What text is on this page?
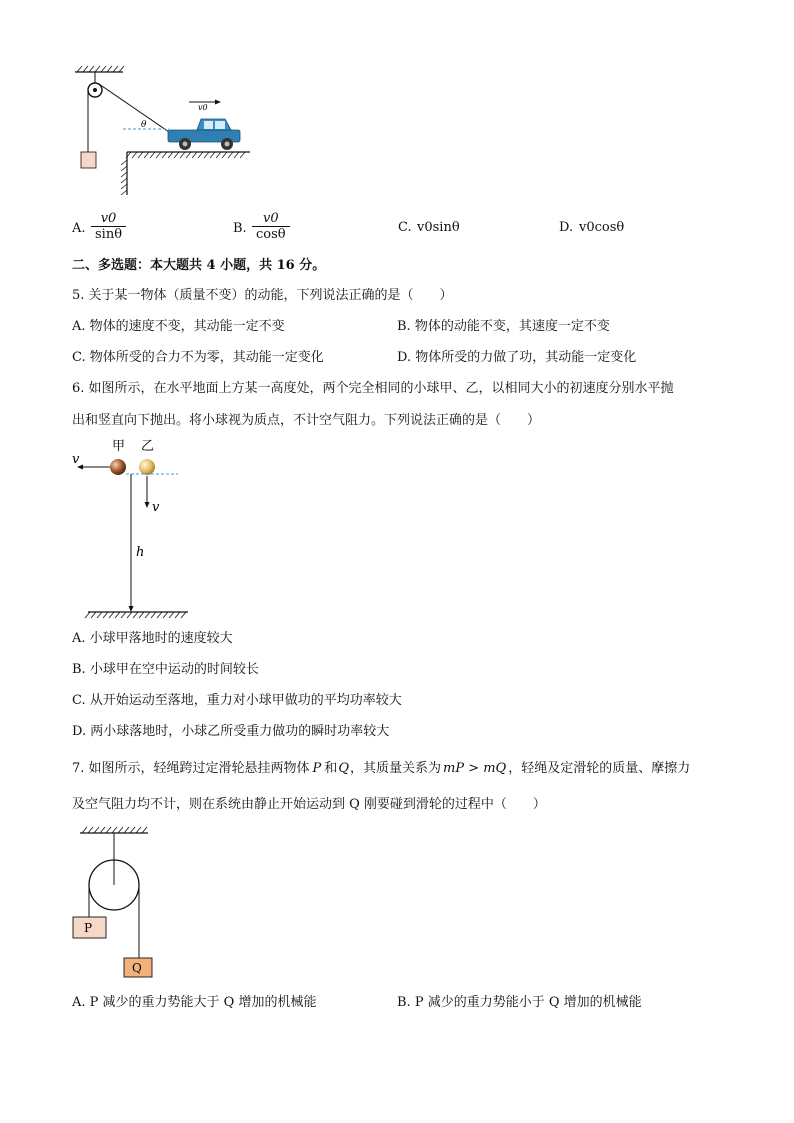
θ
v0
A. $\frac{v0}{\sin\theta}$	B. $\frac{v0}{\cos\theta}$	C. v0sinθ	D. v0cosθ
二、多选题：本大题共 4 小题，共 16 分。
5. 关于某一物体（质量不变）的动能，下列说法正确的是（　　）
A. 物体的速度不变，其动能一定不变	B. 物体的动能不变，其速度一定不变
C. 物体所受的合力不为零，其动能一定变化	D. 物体所受的力做了功，其动能一定变化
6. 如图所示，在水平地面上方某一高度处，两个完全相同的小球甲、乙，以相同大小的初速度分别水平抛
出和竖直向下抛出。将小球视为质点，不计空气阻力。下列说法正确的是（　　）
甲 乙
v
v
h
A. 小球甲落地时的速度较大
B. 小球甲在空中运动的时间较长
C. 从开始运动至落地，重力对小球甲做功的平均功率较大
D. 两小球落地时，小球乙所受重力做功的瞬时功率较大
7. 如图所示，轻绳跨过定滑轮悬挂两物体 P 和Q，其质量关系为 mP > mQ ，轻绳及定滑轮的质量、摩擦力
及空气阻力均不计，则在系统由静止开始运动到 Q 刚要碰到滑轮的过程中（　　）
P
Q
A. P 减少的重力势能大于 Q 增加的机械能	B. P 减少的重力势能小于 Q 增加的机械能
